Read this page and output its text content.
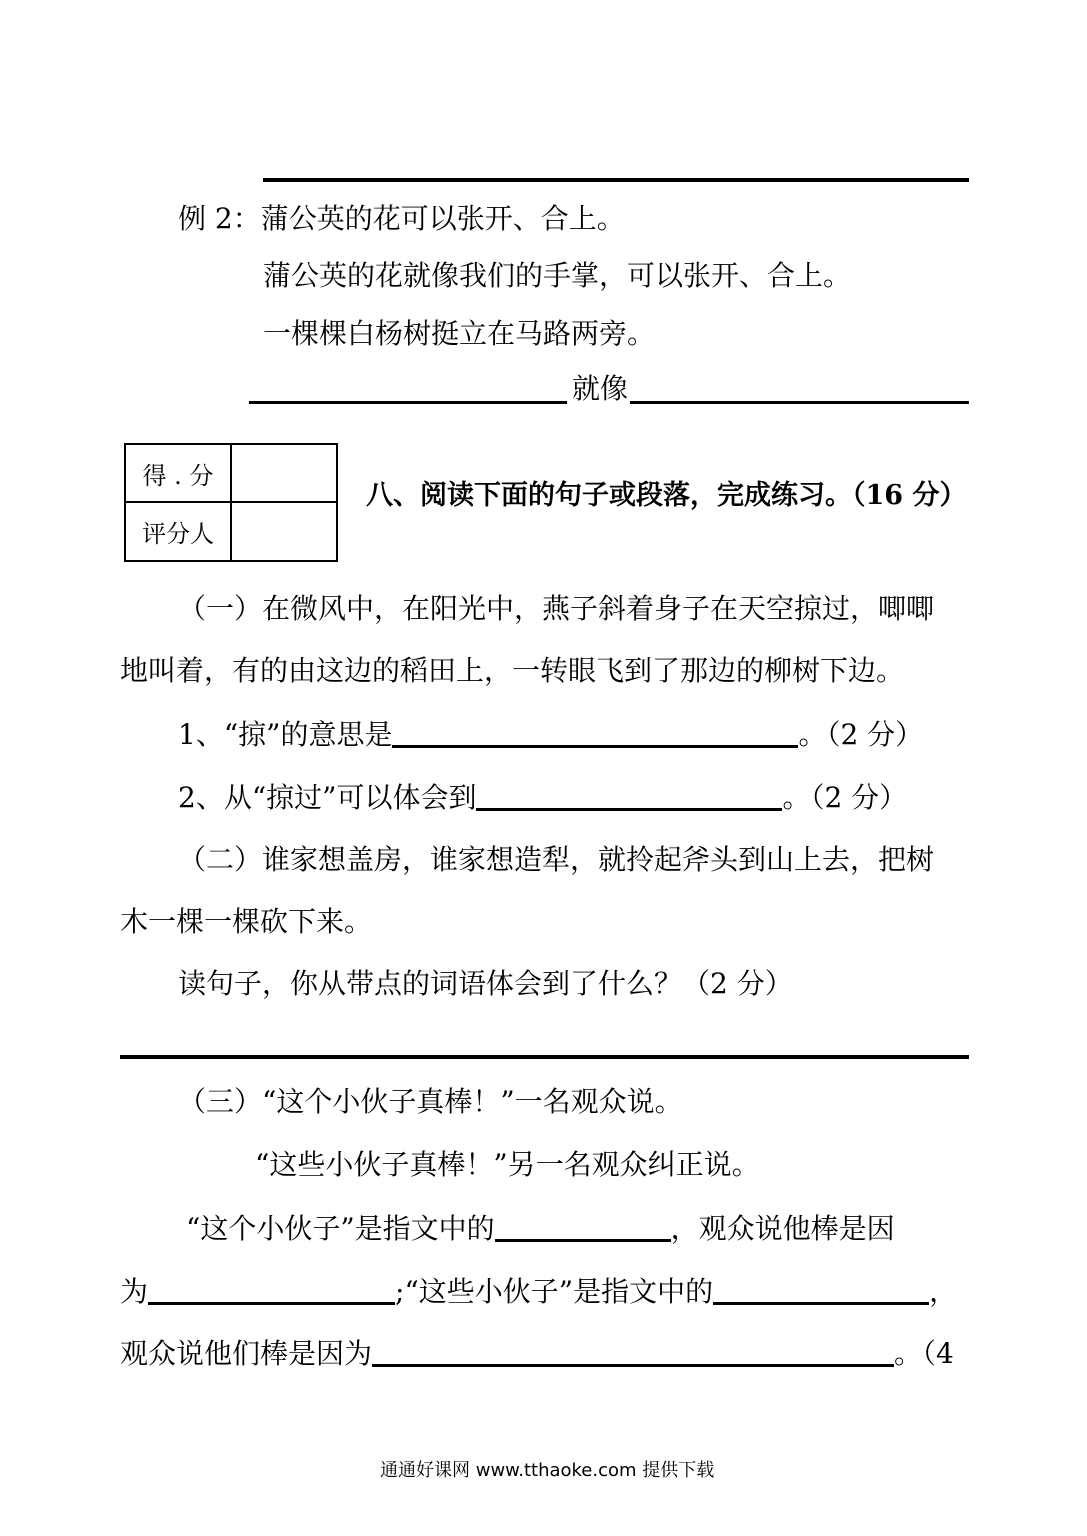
例 2：蒲公英的花可以张开、合上。
蒲公英的花就像我们的手掌，可以张开、合上。
一棵棵白杨树挺立在马路两旁。
就像
得 . 分	
评分人	
八、阅读下面的句子或段落，完成练习。（16 分）
（一）在微风中，在阳光中，燕子斜着身子在天空掠过，唧唧
地叫着，有的由这边的稻田上，一转眼飞到了那边的柳树下边。
1、“掠”的意思是	。（2 分）
2、从“掠过”可以体会到	。（2 分）
（二）谁家想盖房，谁家想造犁，就拎起斧头到山上去，把树
木一棵一棵砍下来。
读句子，你从带点的词语体会到了什么？（2 分）
（三）“这个小伙子真棒！”一名观众说。
“这些小伙子真棒！”另一名观众纠正说。
“这个小伙子”是指文中的	，观众说他棒是因
为	;“这些小伙子”是指文中的	，
观众说他们棒是因为	。（4
通通好课网 www.tthaoke.com 提供下载
